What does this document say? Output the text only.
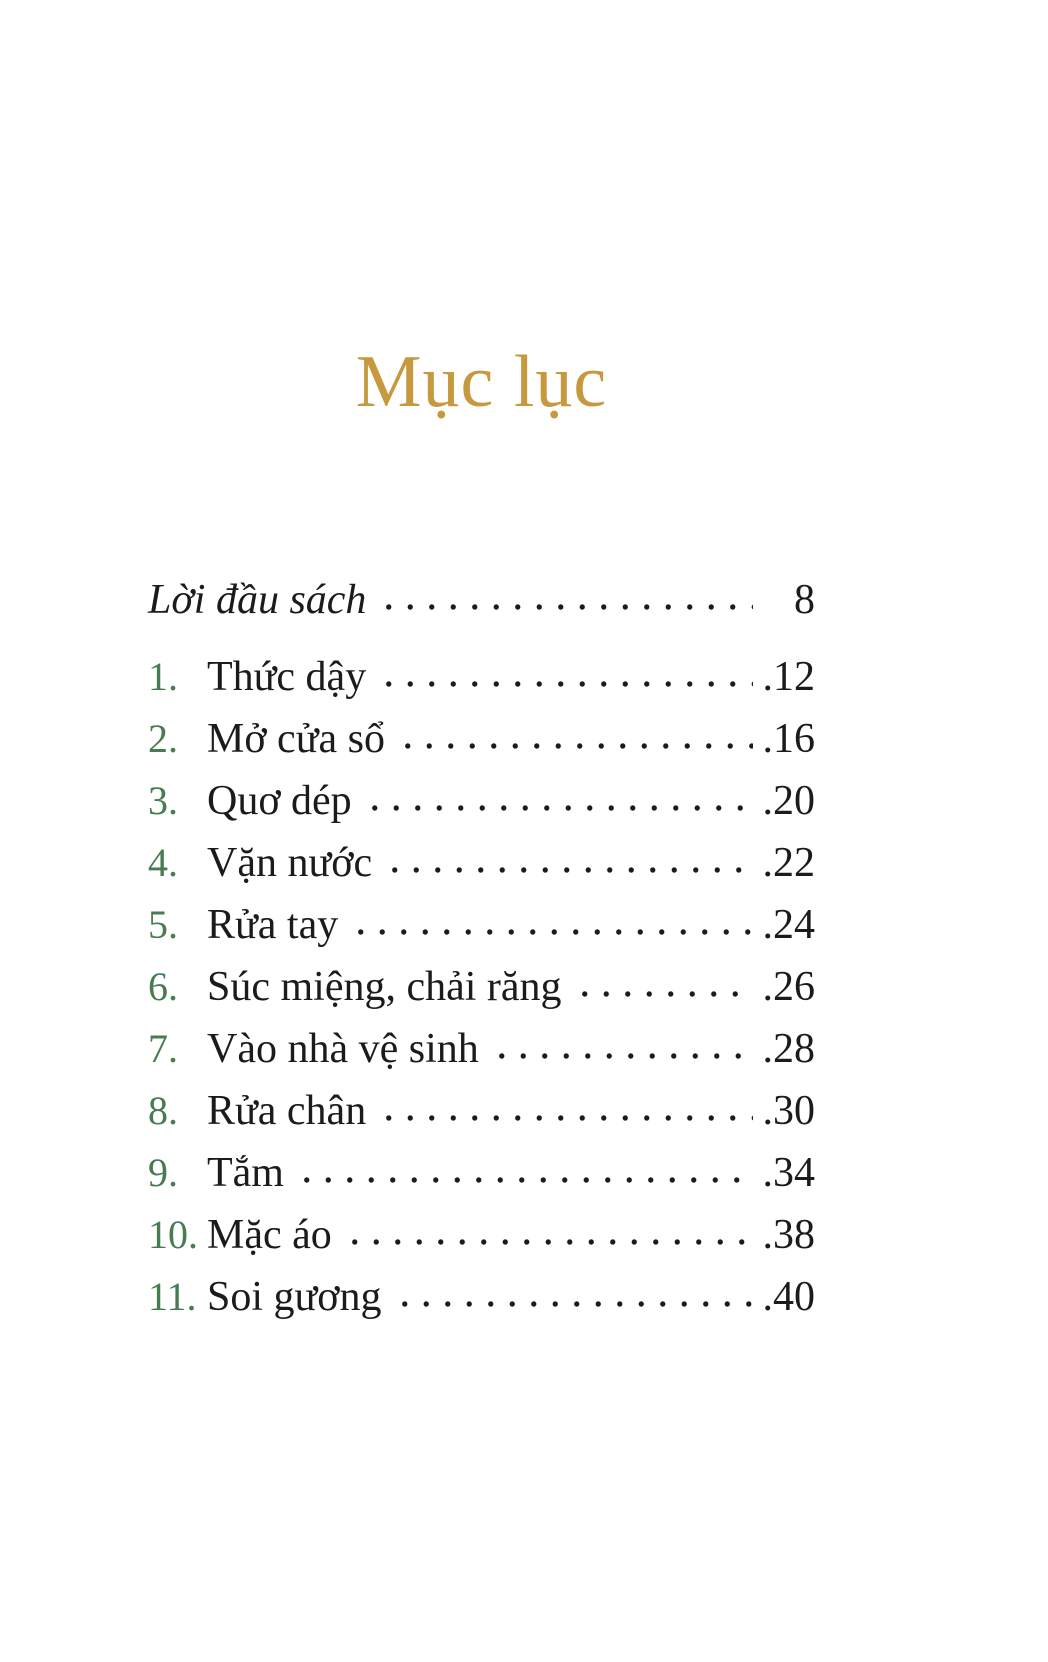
Mục lục
Lời đầu sách	8
1. Thức dậy	.12
2. Mở cửa sổ	.16
3. Quơ dép	.20
4. Vặn nước	.22
5. Rửa tay	.24
6. Súc miệng, chải răng	.26
7. Vào nhà vệ sinh	.28
8. Rửa chân	.30
9. Tắm	.34
10. Mặc áo	.38
11. Soi gương	.40
